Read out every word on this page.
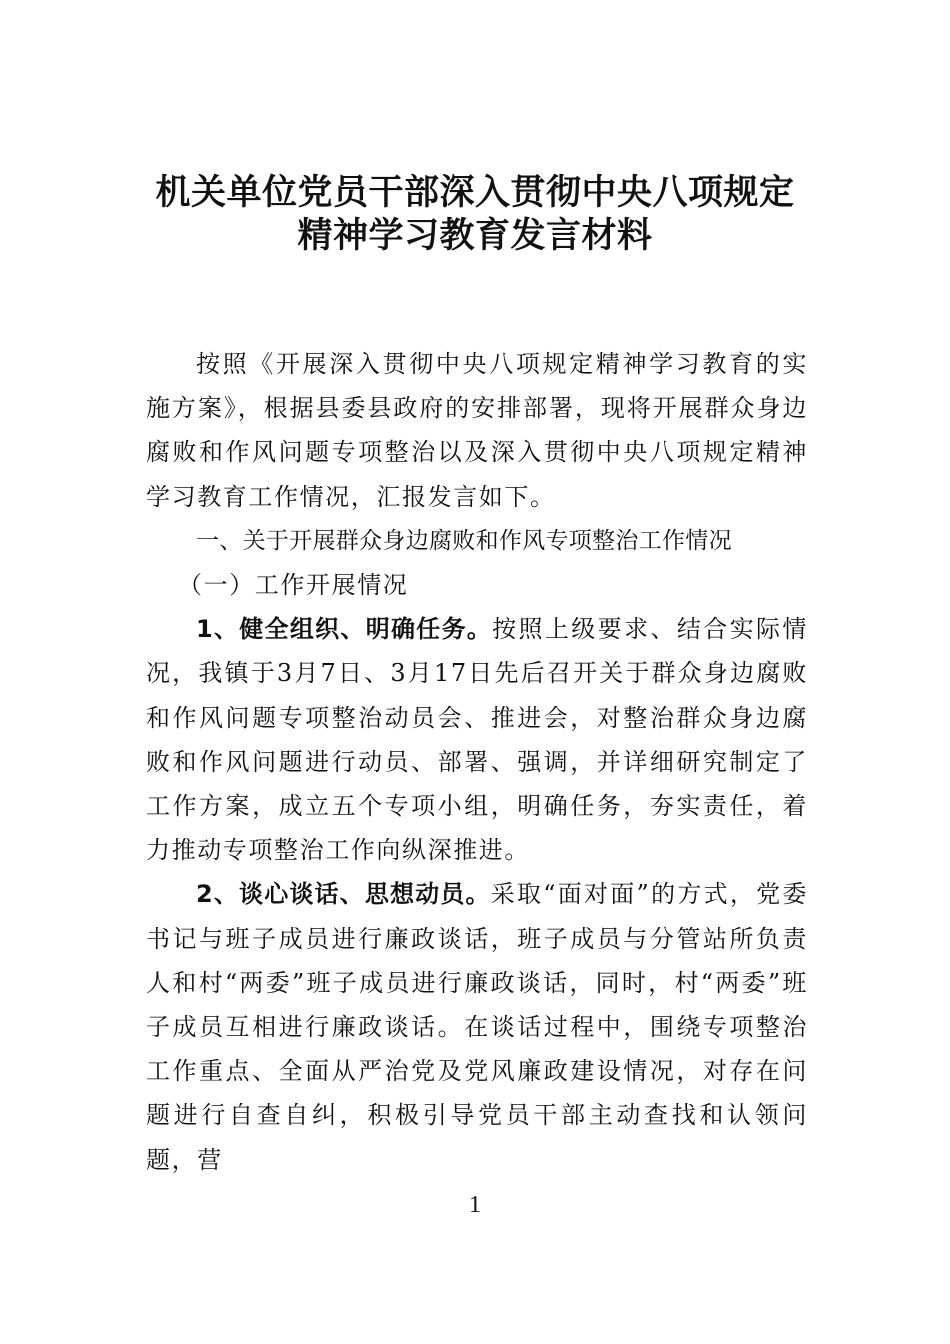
机关单位党员干部深入贯彻中央八项规定
精神学习教育发言材料

按照《开展深入贯彻中央八项规定精神学习教育的实施方案》，根据县委县政府的安排部署，现将开展群众身边腐败和作风问题专项整治以及深入贯彻中央八项规定精神学习教育工作情况，汇报发言如下。

一、关于开展群众身边腐败和作风专项整治工作情况

（一）工作开展情况

1、健全组织、明确任务。按照上级要求、结合实际情况，我镇于3月7日、3月17日先后召开关于群众身边腐败和作风问题专项整治动员会、推进会，对整治群众身边腐败和作风问题进行动员、部署、强调，并详细研究制定了工作方案，成立五个专项小组，明确任务，夯实责任，着力推动专项整治工作向纵深推进。

2、谈心谈话、思想动员。采取“面对面”的方式，党委书记与班子成员进行廉政谈话，班子成员与分管站所负责人和村“两委”班子成员进行廉政谈话，同时，村“两委”班子成员互相进行廉政谈话。在谈话过程中，围绕专项整治工作重点、全面从严治党及党风廉政建设情况，对存在问题进行自查自纠，积极引导党员干部主动查找和认领问题，营

1
